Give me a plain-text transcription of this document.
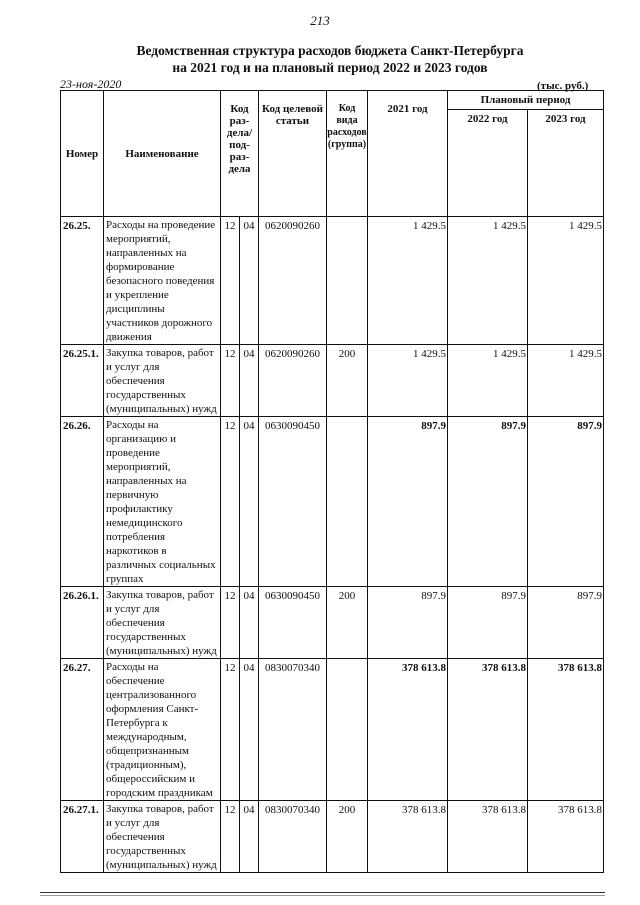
213
Ведомственная структура расходов бюджета Санкт-Петербурга
на 2021 год и на плановый период 2022 и 2023 годов
23-ноя-2020	(тыс. руб.)
Номер	Наименование	Код раз- дела/ под- раз- дела		Код целевой статьи	Код вида расходов (группа)	2021 год	Плановый период	
							2022 год	2023 год
26.25.	Расходы на проведение мероприятий, направленных на формирование безопасного поведения и укрепление дисциплины участников дорожного движения	12	04	0620090260		1 429.5	1 429.5	1 429.5
26.25.1.	Закупка товаров, работ и услуг для обеспечения государственных (муниципальных) нужд	12	04	0620090260	200	1 429.5	1 429.5	1 429.5
26.26.	Расходы на организацию и проведение мероприятий, направленных на первичную профилактику немедицинского потребления наркотиков в различных социальных группах	12	04	0630090450		897.9	897.9	897.9
26.26.1.	Закупка товаров, работ и услуг для обеспечения государственных (муниципальных) нужд	12	04	0630090450	200	897.9	897.9	897.9
26.27.	Расходы на обеспечение централизованного оформления Санкт-Петербурга к международным, общепризнанным (традиционным), общероссийским и городским праздникам	12	04	0830070340		378 613.8	378 613.8	378 613.8
26.27.1.	Закупка товаров, работ и услуг для обеспечения государственных (муниципальных) нужд	12	04	0830070340	200	378 613.8	378 613.8	378 613.8
